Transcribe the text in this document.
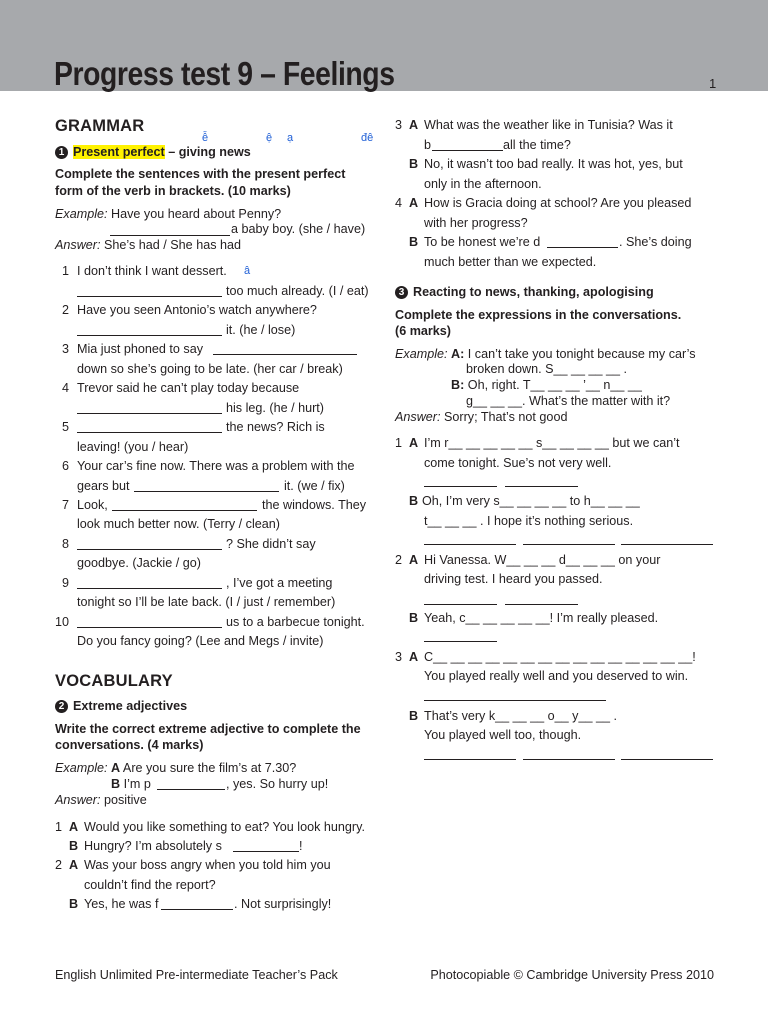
Progress test 9 – Feelings	1
GRAMMAR
ễ	ệ ạ	đê
1 Present perfect – giving news
Complete the sentences with the present perfect
form of the verb in brackets. (10 marks)
Example: Have you heard about Penny?
a baby boy. (she / have)
Answer: She’s had / She has had
1 I don’t think I want dessert. â
too much already. (I / eat)
2 Have you seen Antonio’s watch anywhere?
it. (he / lose)
3 Mia just phoned to say
down so she’s going to be late. (her car / break)
4 Trevor said he can’t play today because
his leg. (he / hurt)
5	the news? Rich is
leaving! (you / hear)
6 Your car’s fine now. There was a problem with the
gears but	it. (we / fix)
7 Look,	the windows. They
look much better now. (Terry / clean)
8	? She didn’t say
goodbye. (Jackie / go)
9	, I’ve got a meeting
tonight so I’ll be late back. (I / just / remember)
10	us to a barbecue tonight.
Do you fancy going? (Lee and Megs / invite)
VOCABULARY
2 Extreme adjectives
Write the correct extreme adjective to complete the
conversations. (4 marks)
Example: A Are you sure the film’s at 7.30?
B I’m p	, yes. So hurry up!
Answer: positive
1 A Would you like something to eat? You look hungry.
B Hungry? I’m absolutely s	!
2 A Was your boss angry when you told him you
couldn’t find the report?
B Yes, he was f	. Not surprisingly!
3 A What was the weather like in Tunisia? Was it
b	all the time?
B No, it wasn’t too bad really. It was hot, yes, but
only in the afternoon.
4 A How is Gracia doing at school? Are you pleased
with her progress?
B To be honest we’re d	. She’s doing
much better than we expected.
3 Reacting to news, thanking, apologising
Complete the expressions in the conversations.
(6 marks)
Example: A: I can’t take you tonight because my car’s
broken down. S__ __ __ __ .
B: Oh, right. T__ __ __ ’__ n__ __
g__ __ __. What’s the matter with it?
Answer: Sorry; That’s not good
1 A I’m r__ __ __ __ __ s__ __ __ __ but we can’t
come tonight. Sue’s not very well.
B Oh, I’m very s__ __ __ __ to h__ __ __
t__ __ __ . I hope it’s nothing serious.
2 A Hi Vanessa. W__ __ __ d__ __ __ on your
driving test. I heard you passed.
B Yeah, c__ __ __ __ __! I’m really pleased.
3 A C__ __ __ __ __ __ __ __ __ __ __ __ __ __ __!
You played really well and you deserved to win.
B That’s very k__ __ __ o__ y__ __ .
You played well too, though.
English Unlimited Pre-intermediate Teacher’s Pack	Photocopiable © Cambridge University Press 2010
